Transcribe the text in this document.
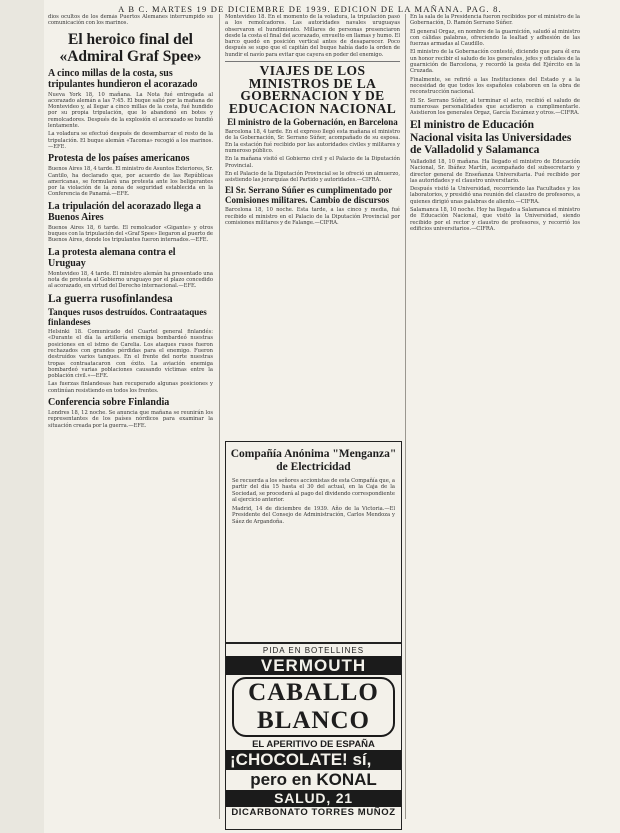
A B C. MARTES 19 DE DICIEMBRE DE 1939. EDICION DE LA MAÑANA. PAG. 8.

dios ocultos de los demás Puertos Alemanes interrumpido su comunicación con los marinos.

El heroico final del «Admiral Graf Spee»
A cinco millas de la costa, sus tripulantes hundieron el acorazado

Nueva York 18, 10 mañana. La Nota fué entregada al acorazado alemán a las 7:45. El buque salió por la mañana de Montevideo y, al llegar a cinco millas de la costa, fué hundido por su propia tripulación, que lo abandonó en botes y remolcadores. Después de la explosión el acorazado se hundió lentamente.

La voladura se efectuó después de desembarcar el resto de la tripulación. El buque alemán «Tacoma» recogió a los marinos.—EFE.

Protesta de los países americanos

Buenos Aires 18, 4 tarde. El ministro de Asuntos Exteriores, Sr. Cantilo, ha declarado que, por acuerdo de las Repúblicas americanas, se formulará una protesta ante los beligerantes por la violación de la zona de seguridad establecida en la Conferencia de Panamá.—EFE.

La tripulación del acorazado llega a Buenos Aires

Buenos Aires 18, 6 tarde. El remolcador «Gigante» y otros buques con la tripulación del «Graf Spee» llegaron al puerto de Buenos Aires, donde los tripulantes fueron internados.—EFE.

La protesta alemana contra el Uruguay

Montevideo 18, 4 tarde. El ministro alemán ha presentado una nota de protesta al Gobierno uruguayo por el plazo concedido al acorazado, en virtud del Derecho internacional.—EFE.

La guerra rusofinlandesa
Tanques rusos destruídos. Contraataques finlandeses

Helsinki 18. Comunicado del Cuartel general finlandés: «Durante el día la artillería enemiga bombardeó nuestras posiciones en el istmo de Carelia. Los ataques rusos fueron rechazados con grandes pérdidas para el enemigo. Fueron destruídos varios tanques. En el frente del norte nuestras tropas contraatacaron con éxito. La aviación enemiga bombardeó varias poblaciones causando víctimas entre la población civil.»—EFE.

Las fuerzas finlandesas han recuperado algunas posiciones y continúan resistiendo en todos los frentes.

Conferencia sobre Finlandia

Londres 18, 12 noche. Se anuncia que mañana se reunirán los representantes de los países nórdicos para examinar la situación creada por la guerra.—EFE.

Montevideo 18. En el momento de la voladura, la tripulación pasó a los remolcadores. Las autoridades navales uruguayas observaron el hundimiento. Millares de personas presenciaron desde la costa el final del acorazado, envuelto en llamas y humo. El barco quedó en posición vertical antes de desaparecer. Poco después se supo que el capitán del buque había dado la orden de hundir el navío para evitar que cayera en poder del enemigo.

VIAJES DE LOS MINISTROS DE LA GOBERNACION Y DE EDUCACION NACIONAL
El ministro de la Gobernación, en Barcelona

Barcelona 18, 4 tarde. En el expreso llegó esta mañana el ministro de la Gobernación, Sr. Serrano Súñer, acompañado de su esposa. En la estación fué recibido por las autoridades civiles y militares y numeroso público.

En la mañana visitó el Gobierno civil y el Palacio de la Diputación Provincial.

En el Palacio de la Diputación Provincial se le ofreció un almuerzo, asistiendo las jerarquías del Partido y autoridades.—CIFRA.

El Sr. Serrano Súñer es cumplimentado por Comisiones militares. Cambio de discursos

Barcelona 18, 10 noche. Esta tarde, a las cinco y media, fué recibido el ministro en el Palacio de la Diputación Provincial por comisiones militares y de Falange.—CIFRA.

Compañía Anónima "Menganza" de Electricidad

Se recuerda a los señores accionistas de esta Compañía que, a partir del día 15 hasta el 30 del actual, en la Caja de la Sociedad, se procederá al pago del dividendo correspondiente al ejercicio anterior.

Madrid, 14 de diciembre de 1939. Año de la Victoria.—El Presidente del Consejo de Administración, Carlos Mendoza y Sáez de Argandoña.

PIDA EN BOTELLINES
VERMOUTH
CABALLO BLANCO
EL APERITIVO DE ESPAÑA
¡CHOCOLATE! sí,
pero en KONAL
SALUD, 21
DICARBONATO TORRES MUÑOZ

En la sala de la Presidencia fueron recibidos por el ministro de la Gobernación, D. Ramón Serrano Súñer.

El general Orgaz, en nombre de la guarnición, saludó al ministro con cálidas palabras, ofreciendo la lealtad y adhesión de las fuerzas armadas al Caudillo.

El ministro de la Gobernación contestó, diciendo que para él era un honor recibir el saludo de los generales, jefes y oficiales de la guarnición de Barcelona, y recordó la gesta del Ejército en la Cruzada.

Finalmente, se refirió a las Instituciones del Estado y a la necesidad de que todos los españoles colaboren en la obra de reconstrucción nacional.

El Sr. Serrano Súñer, al terminar el acto, recibió el saludo de numerosas personalidades que acudieron a cumplimentarle. Asistieron los generales Orgaz, García Escámez y otros.—CIFRA.

El ministro de Educación Nacional visita las Universidades de Valladolid y Salamanca

Valladolid 18, 10 mañana. Ha llegado el ministro de Educación Nacional, Sr. Ibáñez Martín, acompañado del subsecretario y director general de Enseñanza Universitaria. Fué recibido por las autoridades y el claustro universitario.

Después visitó la Universidad, recorriendo las Facultades y los laboratorios, y presidió una reunión del claustro de profesores, a quienes dirigió unas palabras de aliento.—CIFRA.

Salamanca 18, 10 noche. Hoy ha llegado a Salamanca el ministro de Educación Nacional, que visitó la Universidad, siendo recibido por el rector y claustro de profesores, y recorrió los edificios universitarios.—CIFRA.
